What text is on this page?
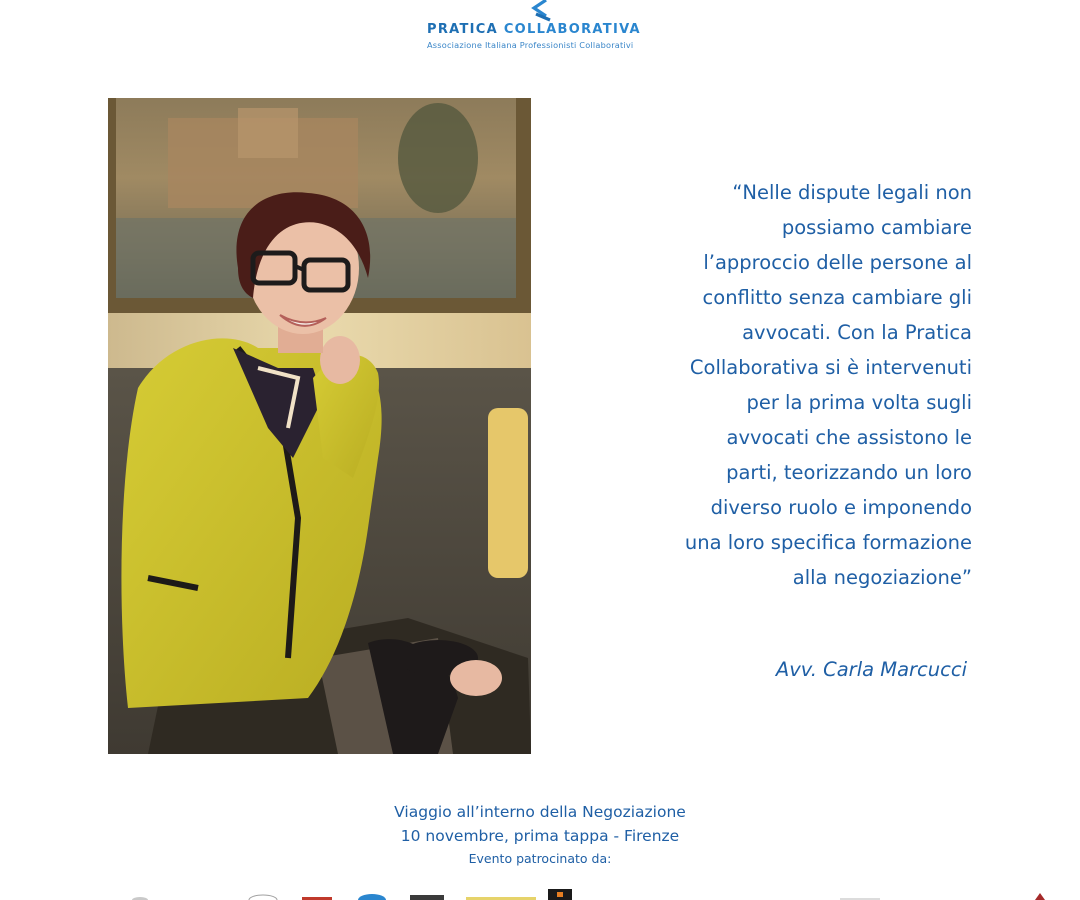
PRATICA COLLABORATIVA
Associazione Italiana Professionisti Collaborativi
“Nelle dispute legali non
possiamo cambiare
l’approccio delle persone al
conflitto senza cambiare gli
avvocati. Con la Pratica
Collaborativa si è intervenuti
per la prima volta sugli
avvocati che assistono le
parti, teorizzando un loro
diverso ruolo e imponendo
una loro specifica formazione
alla negoziazione”
Avv. Carla Marcucci
Viaggio all’interno della Negoziazione
10 novembre, prima tappa - Firenze
Evento patrocinato da:
